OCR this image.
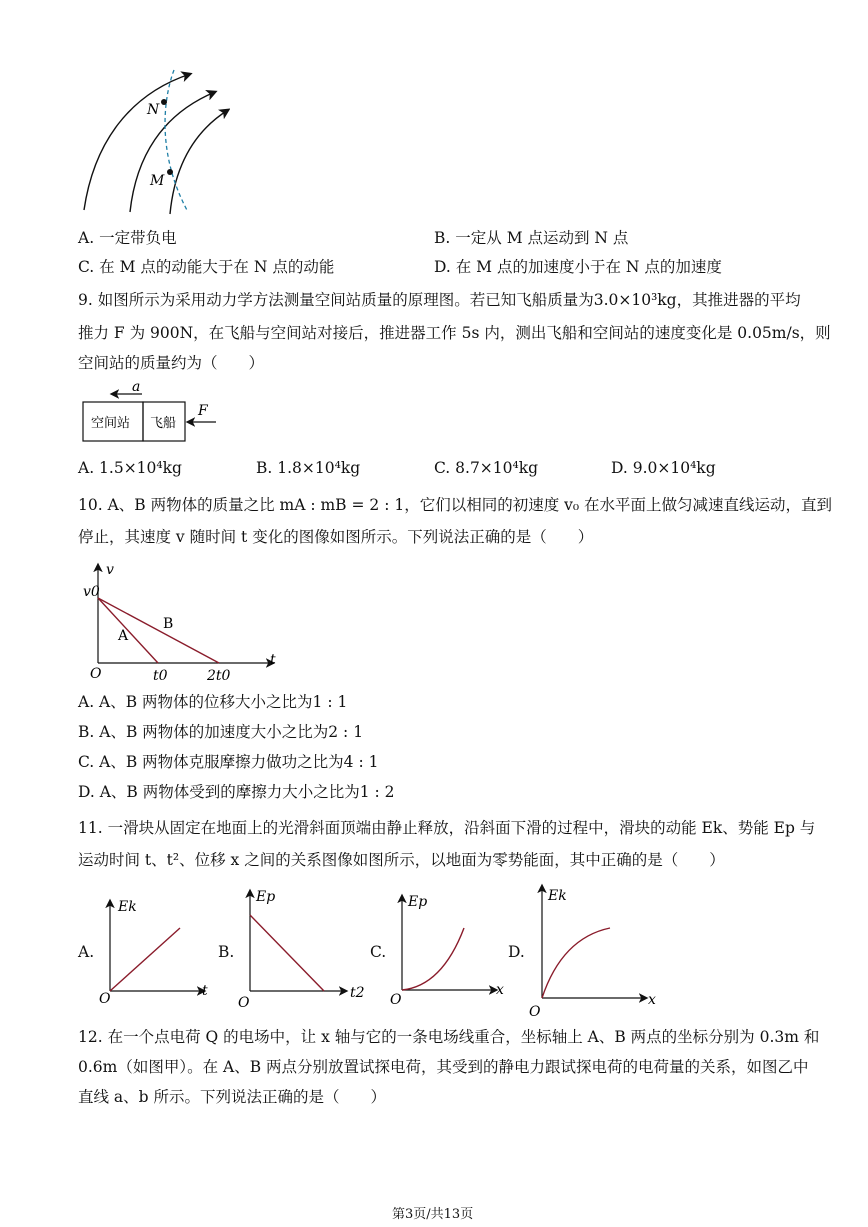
N
M
A. 一定带负电	B. 一定从 M 点运动到 N 点
C. 在 M 点的动能大于在 N 点的动能	D. 在 M 点的加速度小于在 N 点的加速度
9. 如图所示为采用动力学方法测量空间站质量的原理图。若已知飞船质量为3.0×10³kg，其推进器的平均
推力 F 为 900N，在飞船与空间站对接后，推进器工作 5s 内，测出飞船和空间站的速度变化是 0.05m/s，则
空间站的质量约为（　　）
a
空间站 飞船
F
A. 1.5×10⁴kg	B. 1.8×10⁴kg	C. 8.7×10⁴kg	D. 9.0×10⁴kg
10. A、B 两物体的质量之比 mA : mB = 2 : 1，它们以相同的初速度 v₀ 在水平面上做匀减速直线运动，直到
停止，其速度 v 随时间 t 变化的图像如图所示。下列说法正确的是（　　）
v
t
v0
O	t0	2t0
A
B
A. A、B 两物体的位移大小之比为1 : 1
B. A、B 两物体的加速度大小之比为2 : 1
C. A、B 两物体克服摩擦力做功之比为4 : 1
D. A、B 两物体受到的摩擦力大小之比为1 : 2
11. 一滑块从固定在地面上的光滑斜面顶端由静止释放，沿斜面下滑的过程中，滑块的动能 Ek、势能 Ep 与
运动时间 t、t²、位移 x 之间的关系图像如图所示，以地面为零势能面，其中正确的是（　　）
A.
Ek
t
O
B.
Ep
t2
O
C.
Ep
x
O
D.
Ek
x
O
12. 在一个点电荷 Q 的电场中，让 x 轴与它的一条电场线重合，坐标轴上 A、B 两点的坐标分别为 0.3m 和
0.6m（如图甲）。在 A、B 两点分别放置试探电荷，其受到的静电力跟试探电荷的电荷量的关系，如图乙中
直线 a、b 所示。下列说法正确的是（　　）
第3页/共13页
